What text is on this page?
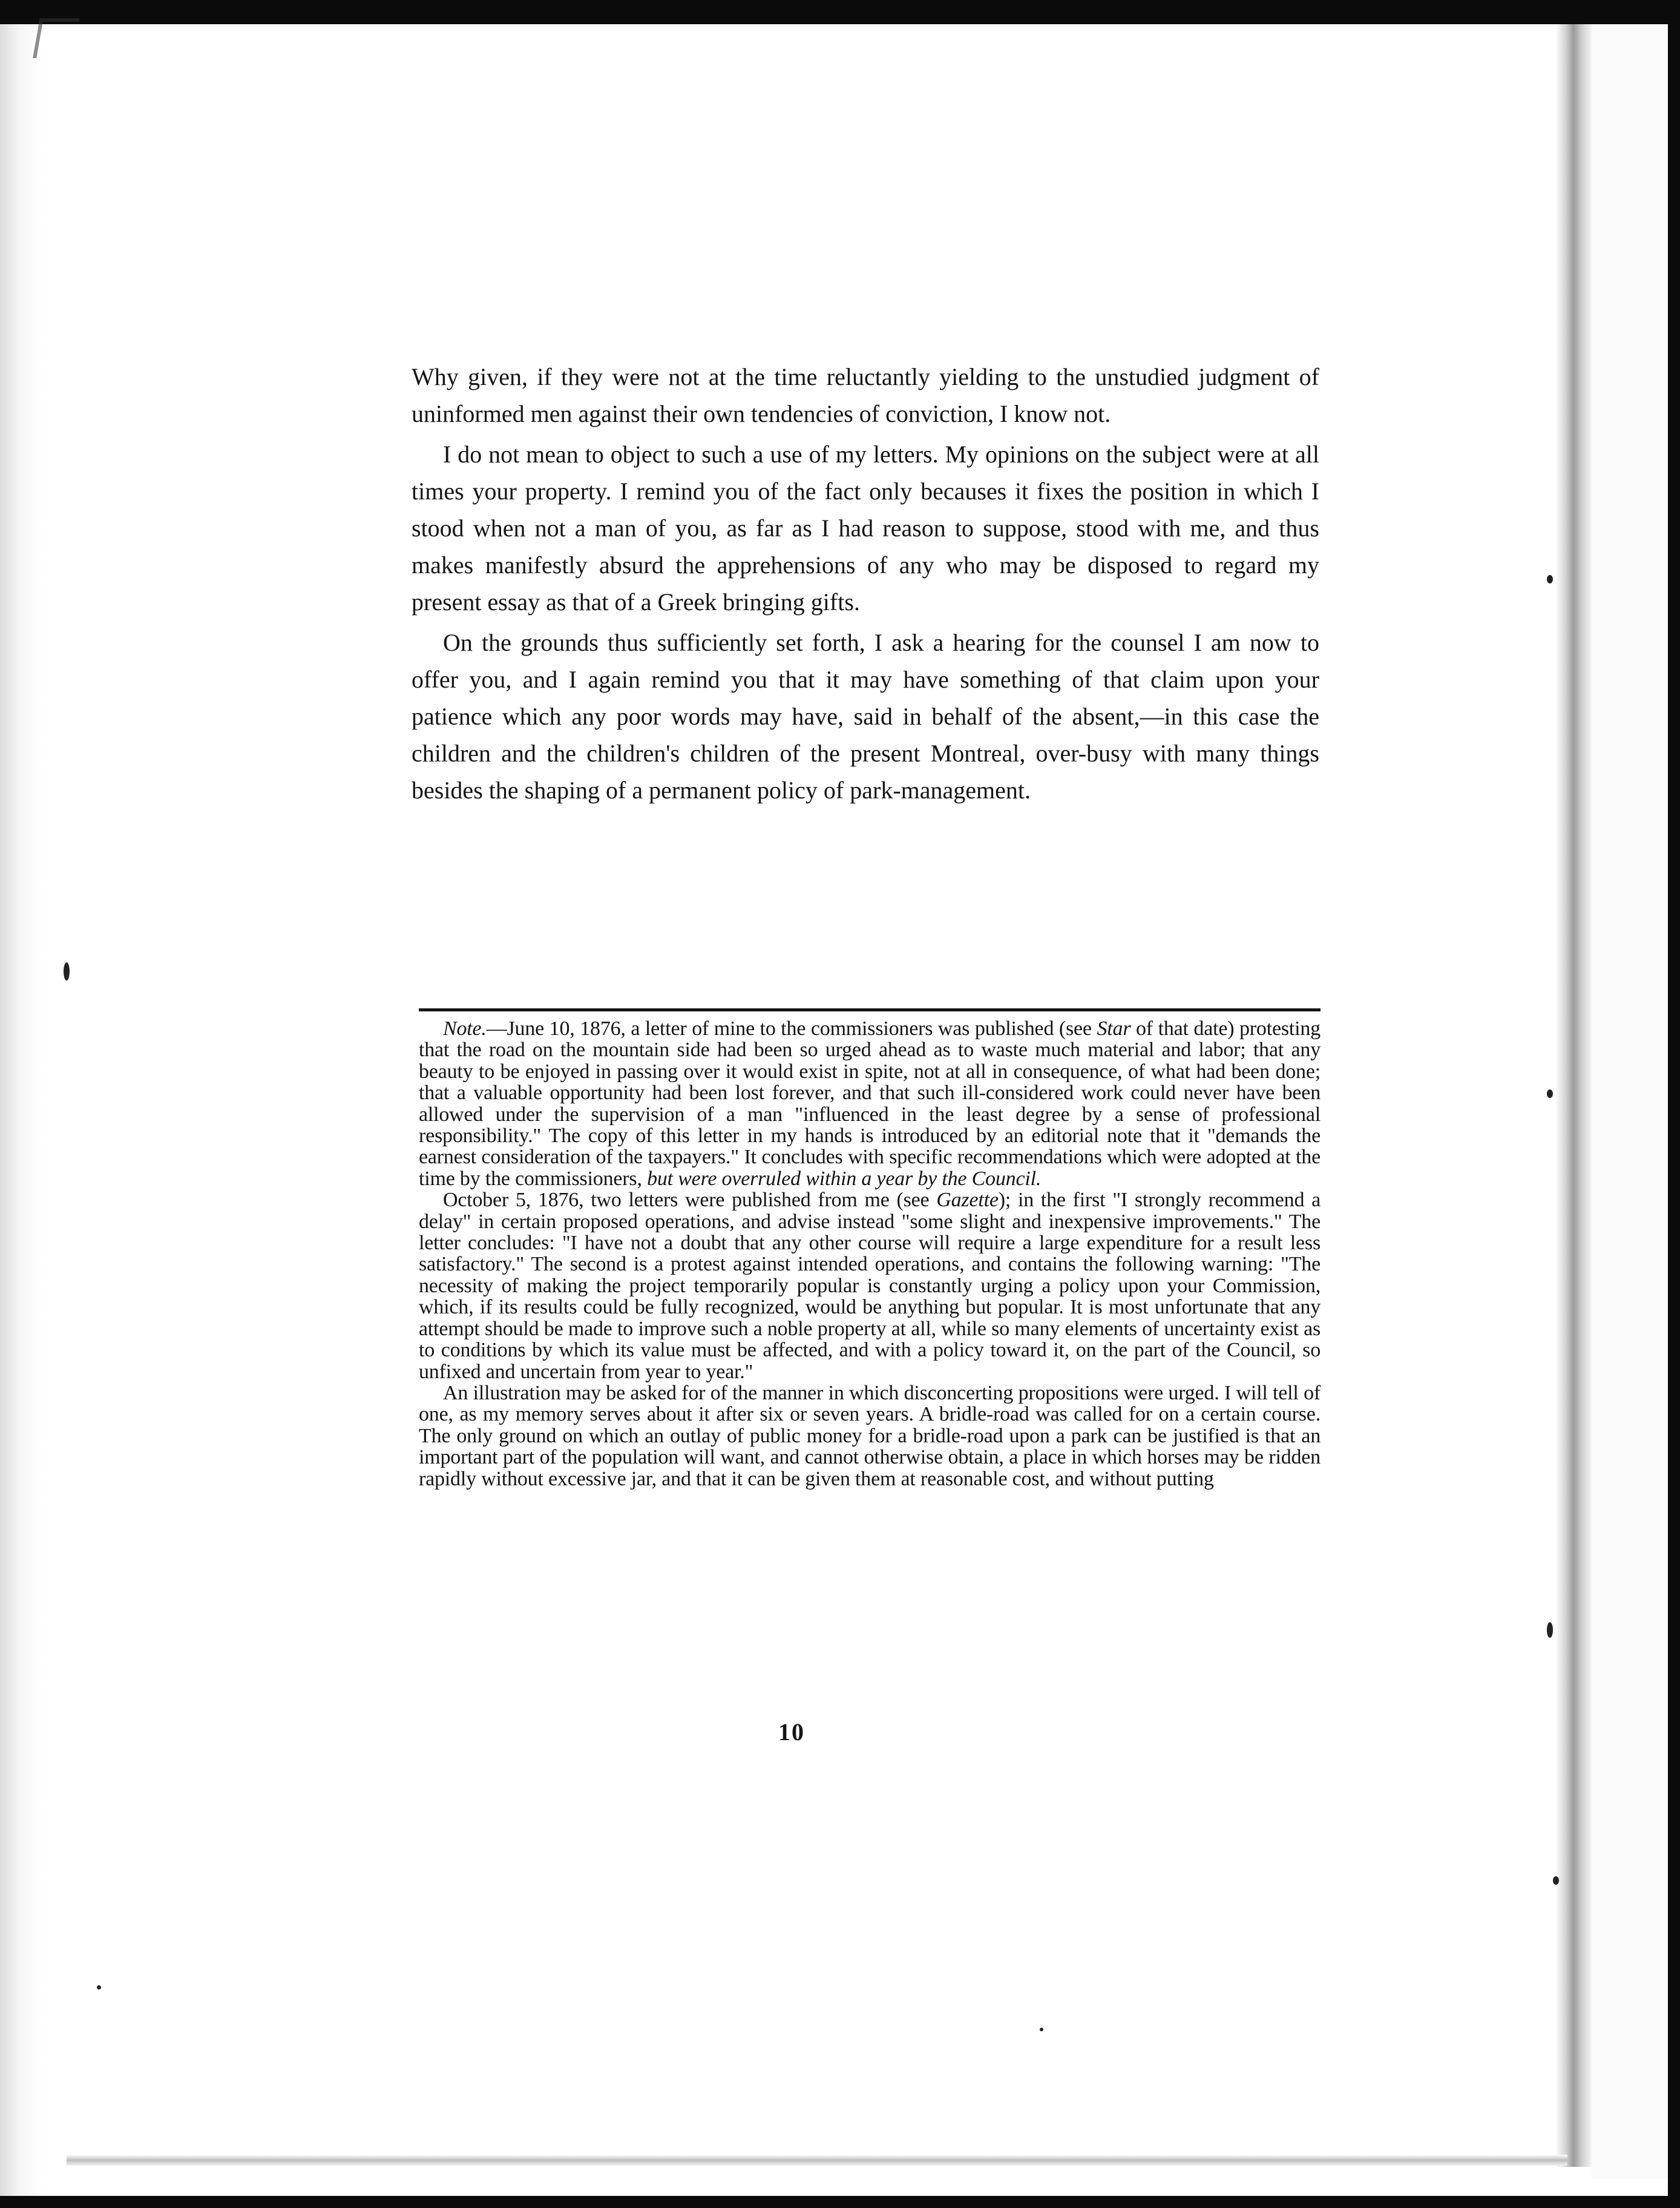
Why given, if they were not at the time reluctantly yielding to the unstudied judgment of uninformed men against their own tendencies of conviction, I know not.

I do not mean to object to such a use of my letters. My opinions on the subject were at all times your property. I remind you of the fact only becauses it fixes the position in which I stood when not a man of you, as far as I had reason to suppose, stood with me, and thus makes manifestly absurd the apprehensions of any who may be disposed to regard my present essay as that of a Greek bringing gifts.

On the grounds thus sufficiently set forth, I ask a hearing for the counsel I am now to offer you, and I again remind you that it may have something of that claim upon your patience which any poor words may have, said in behalf of the absent,—in this case the children and the children's children of the present Montreal, over-busy with many things besides the shaping of a permanent policy of park-management.

Note.—June 10, 1876, a letter of mine to the commissioners was published (see Star of that date) protesting that the road on the mountain side had been so urged ahead as to waste much material and labor; that any beauty to be enjoyed in passing over it would exist in spite, not at all in consequence, of what had been done; that a valuable opportunity had been lost forever, and that such ill-considered work could never have been allowed under the supervision of a man "influenced in the least degree by a sense of professional responsibility." The copy of this letter in my hands is introduced by an editorial note that it "demands the earnest consideration of the taxpayers." It concludes with specific recommendations which were adopted at the time by the commissioners, but were overruled within a year by the Council.

October 5, 1876, two letters were published from me (see Gazette); in the first "I strongly recommend a delay" in certain proposed operations, and advise instead "some slight and inexpensive improvements." The letter concludes: "I have not a doubt that any other course will require a large expenditure for a result less satisfactory." The second is a protest against intended operations, and contains the following warning: "The necessity of making the project temporarily popular is constantly urging a policy upon your Commission, which, if its results could be fully recognized, would be anything but popular. It is most unfortunate that any attempt should be made to improve such a noble property at all, while so many elements of uncertainty exist as to conditions by which its value must be affected, and with a policy toward it, on the part of the Council, so unfixed and uncertain from year to year."

An illustration may be asked for of the manner in which disconcerting propositions were urged. I will tell of one, as my memory serves about it after six or seven years. A bridle-road was called for on a certain course. The only ground on which an outlay of public money for a bridle-road upon a park can be justified is that an important part of the population will want, and cannot otherwise obtain, a place in which horses may be ridden rapidly without excessive jar, and that it can be given them at reasonable cost, and without putting

10
